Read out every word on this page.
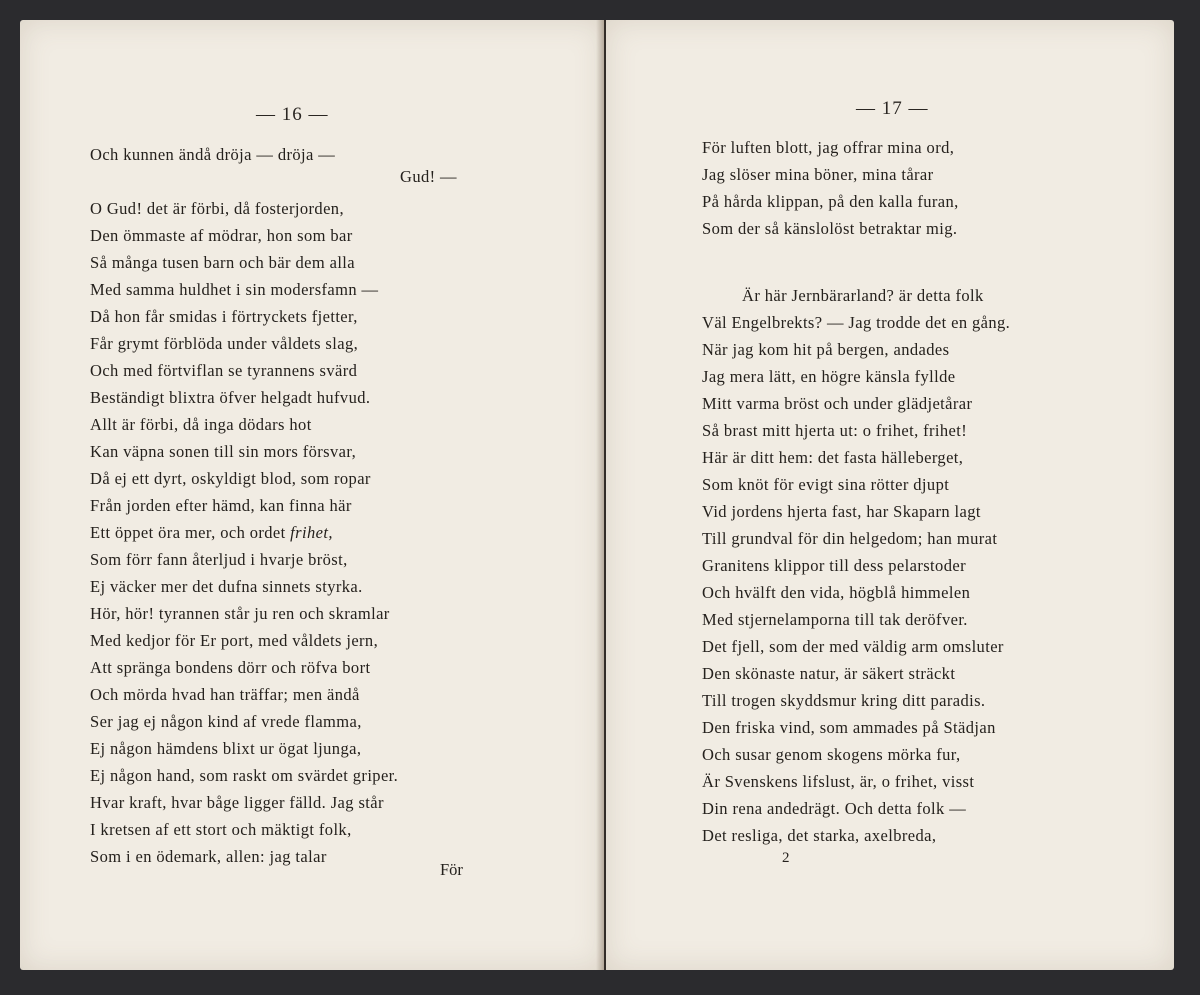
— 16 —
Och kunnen ändå dröja — dröja —
Gud! —
O Gud! det är förbi, då fosterjorden,
Den ömmaste af mödrar, hon som bar
Så många tusen barn och bär dem alla
Med samma huldhet i sin modersfamn —
Då hon får smidas i förtryckets fjetter,
Får grymt förblöda under våldets slag,
Och med förtviflan se tyrannens svärd
Beständigt blixtra öfver helgadt hufvud.
Allt är förbi, då inga dödars hot
Kan väpna sonen till sin mors försvar,
Då ej ett dyrt, oskyldigt blod, som ropar
Från jorden efter hämd, kan finna här
Ett öppet öra mer, och ordet frihet,
Som förr fann återljud i hvarje bröst,
Ej väcker mer det dufna sinnets styrka.
Hör, hör! tyrannen står ju ren och skramlar
Med kedjor för Er port, med våldets jern,
Att spränga bondens dörr och röfva bort
Och mörda hvad han träffar; men ändå
Ser jag ej någon kind af vrede flamma,
Ej någon hämdens blixt ur ögat ljunga,
Ej någon hand, som raskt om svärdet griper.
Hvar kraft, hvar båge ligger fälld. Jag står
I kretsen af ett stort och mäktigt folk,
Som i en ödemark, allen: jag talar
För
— 17 —
För luften blott, jag offrar mina ord,
Jag slöser mina böner, mina tårar
På hårda klippan, på den kalla furan,
Som der så känslolöst betraktar mig.
Är här Jernbärarland? är detta folk
Väl Engelbrekts? — Jag trodde det en gång.
När jag kom hit på bergen, andades
Jag mera lätt, en högre känsla fyllde
Mitt varma bröst och under glädjetårar
Så brast mitt hjerta ut: o frihet, frihet!
Här är ditt hem: det fasta hälleberget,
Som knöt för evigt sina rötter djupt
Vid jordens hjerta fast, har Skaparn lagt
Till grundval för din helgedom; han murat
Granitens klippor till dess pelarstoder
Och hvälft den vida, högblå himmelen
Med stjernelamporna till tak deröfver.
Det fjell, som der med väldig arm omsluter
Den skönaste natur, är säkert sträckt
Till trogen skyddsmur kring ditt paradis.
Den friska vind, som ammades på Städjan
Och susar genom skogens mörka fur,
Är Svenskens lifslust, är, o frihet, visst
Din rena andedrägt. Och detta folk —
Det resliga, det starka, axelbreda,
2
